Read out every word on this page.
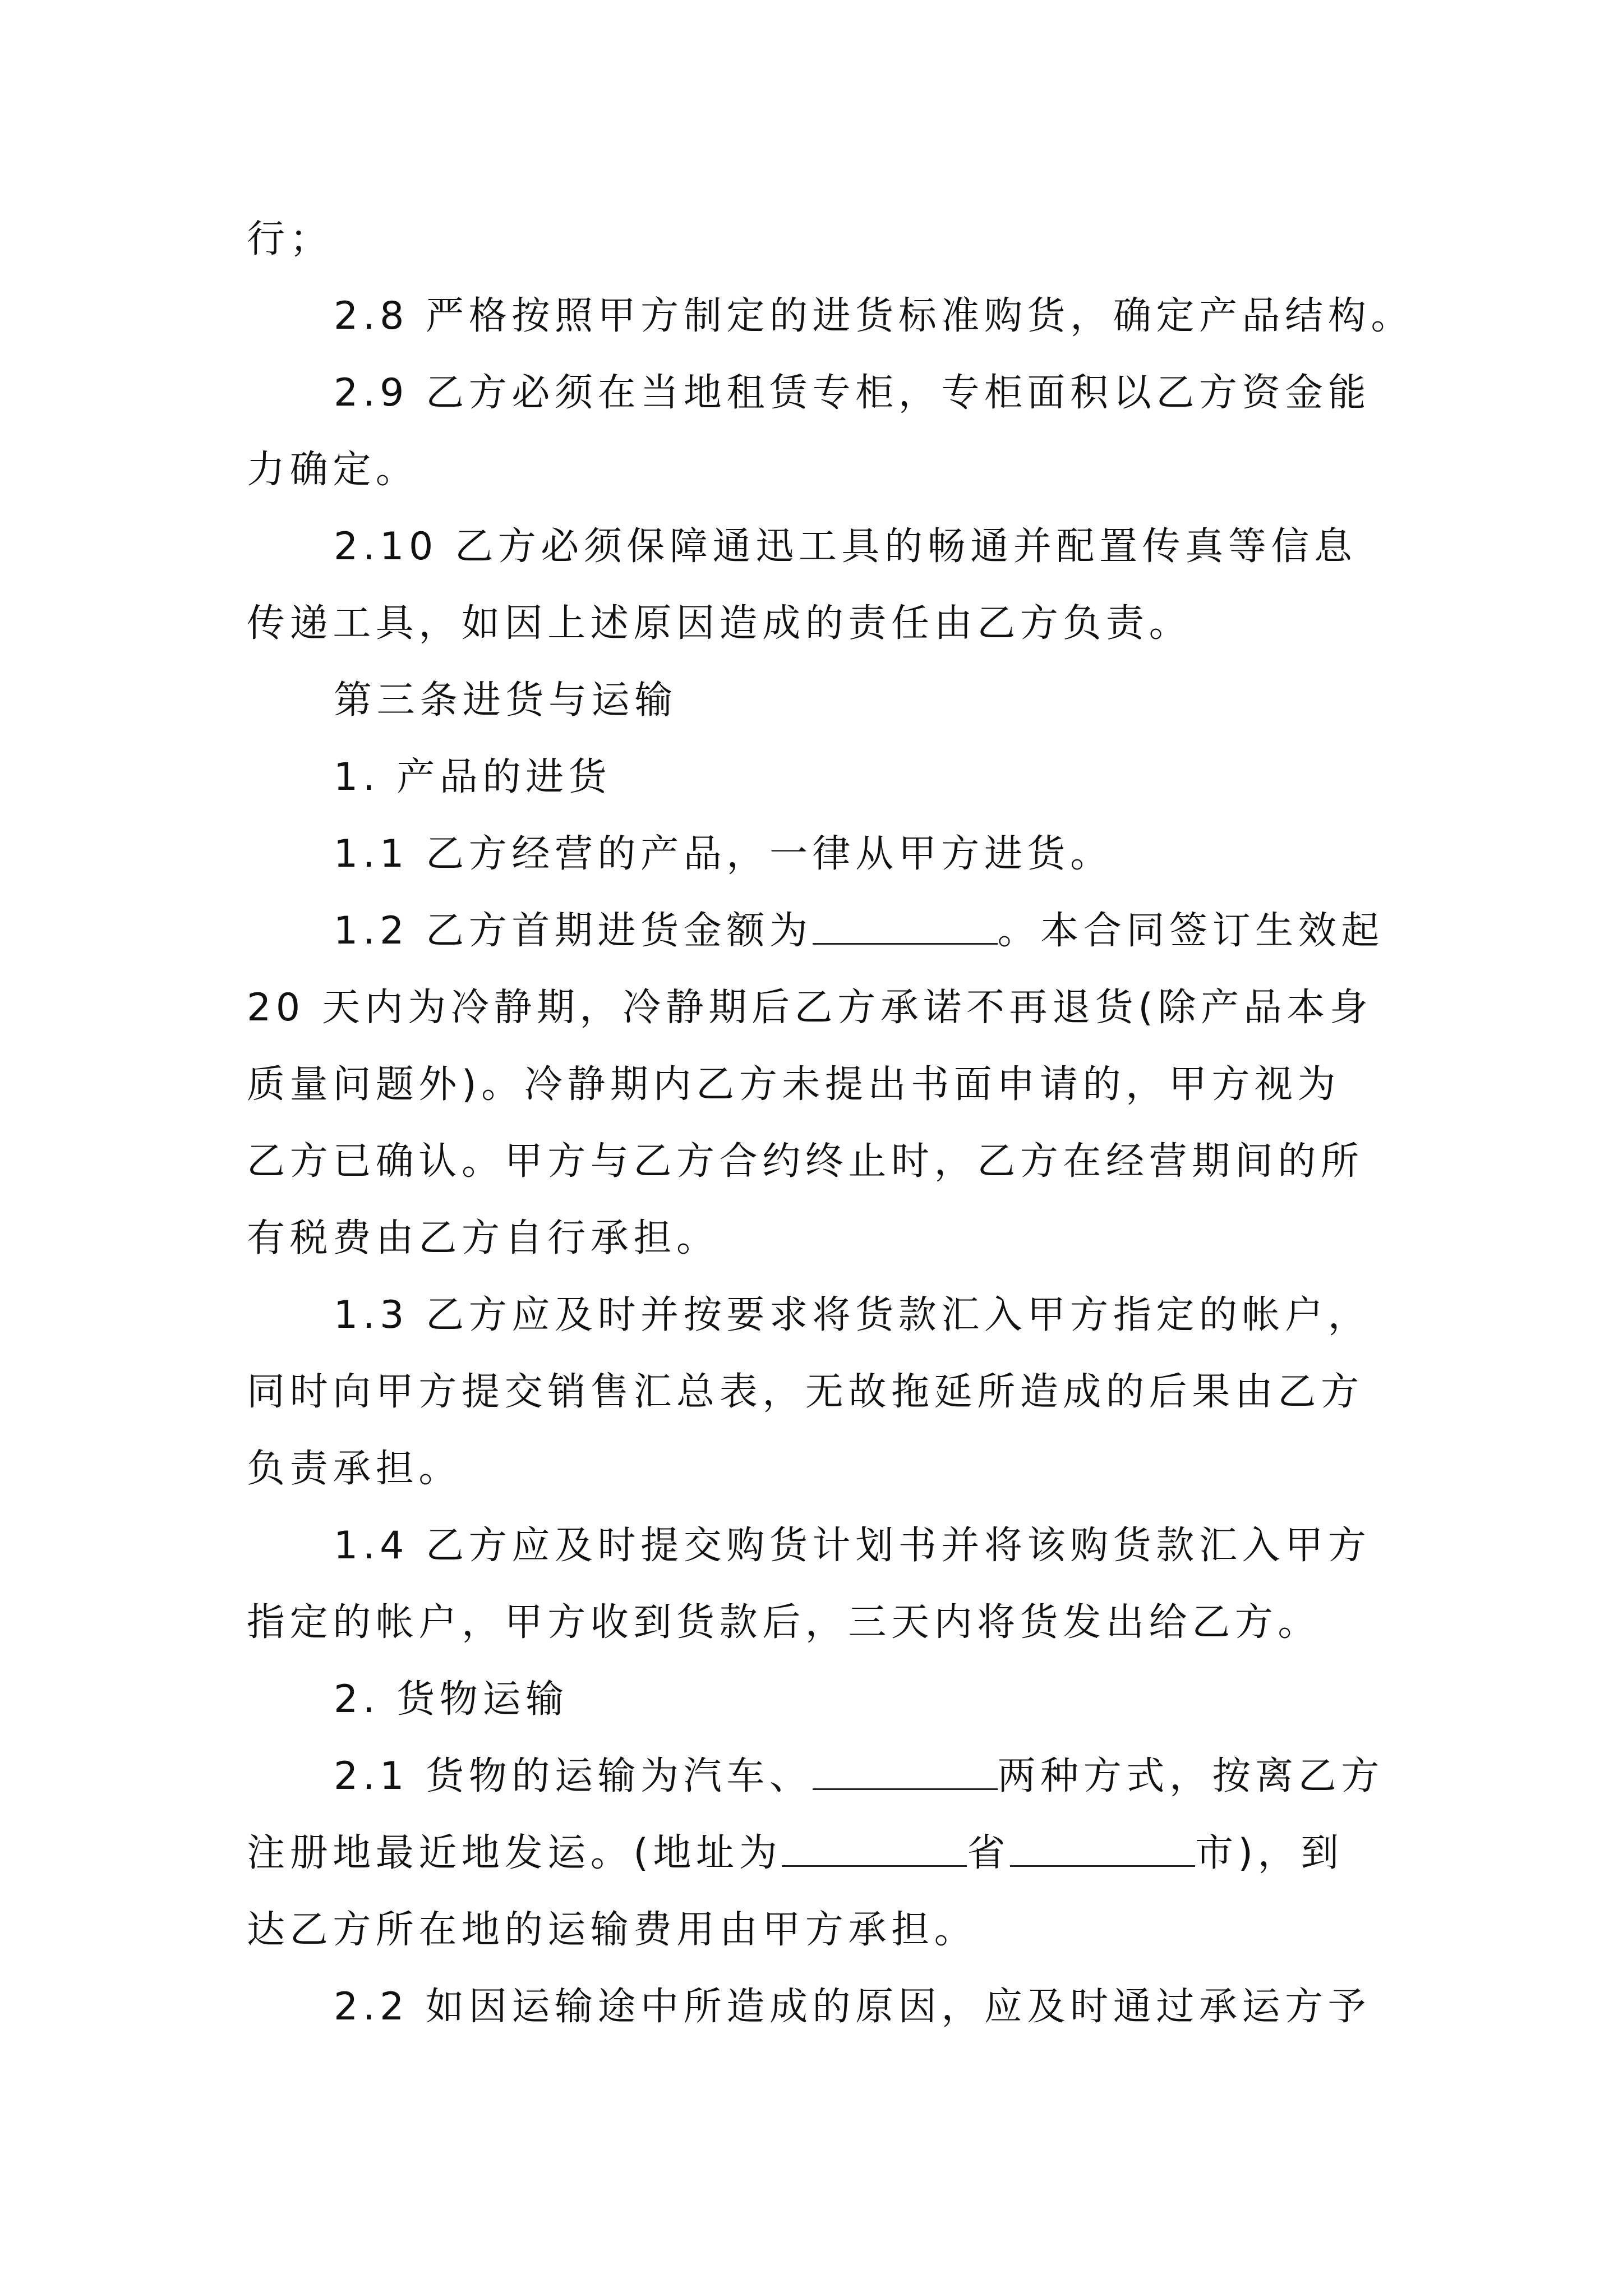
行；
2.8 严格按照甲方制定的进货标准购货，确定产品结构。
2.9 乙方必须在当地租赁专柜，专柜面积以乙方资金能
力确定。
2.10 乙方必须保障通迅工具的畅通并配置传真等信息
传递工具，如因上述原因造成的责任由乙方负责。
第三条进货与运输
1. 产品的进货
1.1 乙方经营的产品，一律从甲方进货。
1.2 乙方首期进货金额为	。本合同签订生效起
20 天内为冷静期，冷静期后乙方承诺不再退货(除产品本身
质量问题外)。冷静期内乙方未提出书面申请的，甲方视为
乙方已确认。甲方与乙方合约终止时，乙方在经营期间的所
有税费由乙方自行承担。
1.3 乙方应及时并按要求将货款汇入甲方指定的帐户，
同时向甲方提交销售汇总表，无故拖延所造成的后果由乙方
负责承担。
1.4 乙方应及时提交购货计划书并将该购货款汇入甲方
指定的帐户，甲方收到货款后，三天内将货发出给乙方。
2. 货物运输
2.1 货物的运输为汽车、	两种方式，按离乙方
注册地最近地发运。(地址为	省	市)，到
达乙方所在地的运输费用由甲方承担。
2.2 如因运输途中所造成的原因，应及时通过承运方予
